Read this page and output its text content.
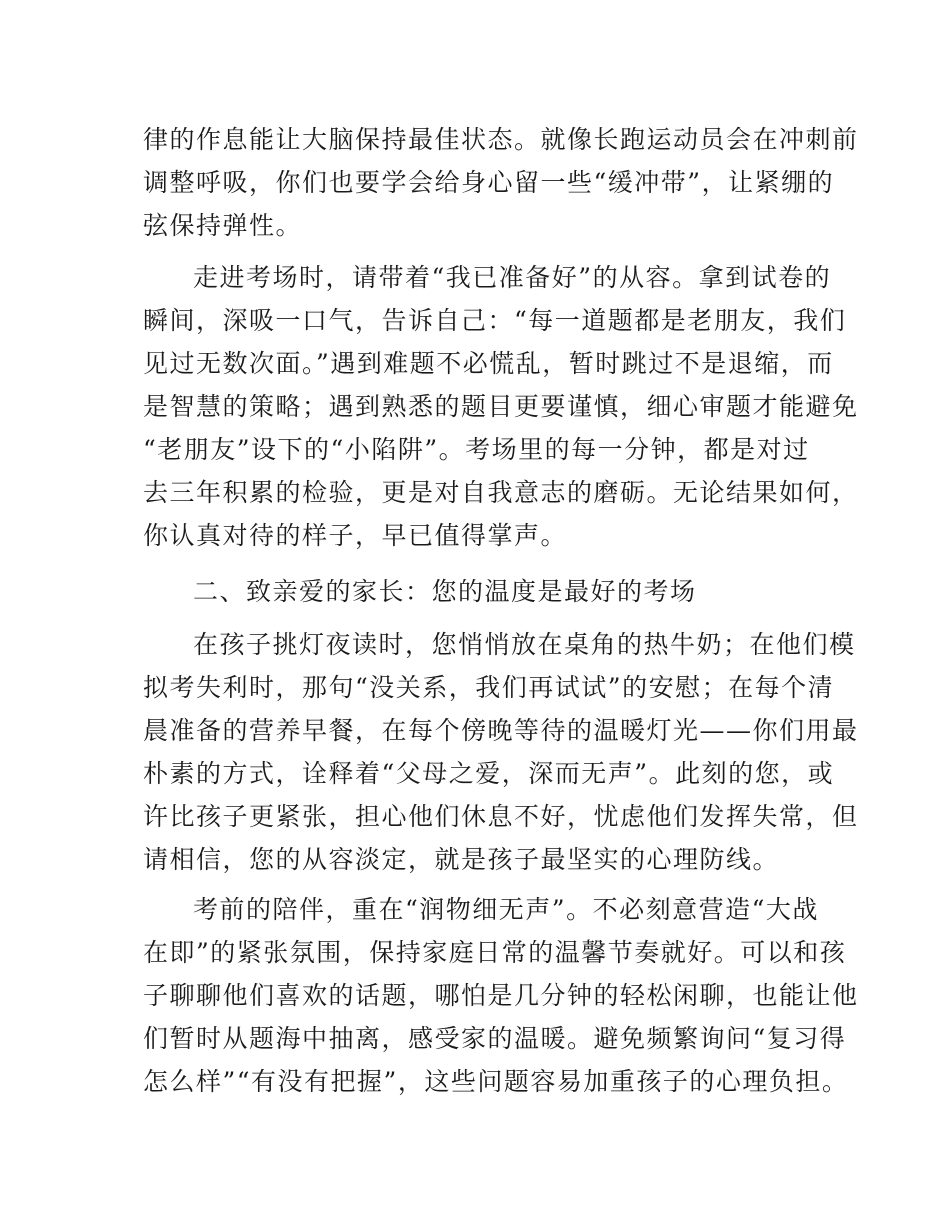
律的作息能让大脑保持最佳状态。就像长跑运动员会在冲刺前
调整呼吸，你们也要学会给身心留一些“缓冲带”，让紧绷的
弦保持弹性。

走进考场时，请带着“我已准备好”的从容。拿到试卷的
瞬间，深吸一口气，告诉自己：“每一道题都是老朋友，我们
见过无数次面。”遇到难题不必慌乱，暂时跳过不是退缩，而
是智慧的策略；遇到熟悉的题目更要谨慎，细心审题才能避免
“老朋友”设下的“小陷阱”。考场里的每一分钟，都是对过
去三年积累的检验，更是对自我意志的磨砺。无论结果如何，
你认真对待的样子，早已值得掌声。

二、致亲爱的家长：您的温度是最好的考场

在孩子挑灯夜读时，您悄悄放在桌角的热牛奶；在他们模
拟考失利时，那句“没关系，我们再试试”的安慰；在每个清
晨准备的营养早餐，在每个傍晚等待的温暖灯光——你们用最
朴素的方式，诠释着“父母之爱，深而无声”。此刻的您，或
许比孩子更紧张，担心他们休息不好，忧虑他们发挥失常，但
请相信，您的从容淡定，就是孩子最坚实的心理防线。

考前的陪伴，重在“润物细无声”。不必刻意营造“大战
在即”的紧张氛围，保持家庭日常的温馨节奏就好。可以和孩
子聊聊他们喜欢的话题，哪怕是几分钟的轻松闲聊，也能让他
们暂时从题海中抽离，感受家的温暖。避免频繁询问“复习得
怎么样”“有没有把握”，这些问题容易加重孩子的心理负担。
